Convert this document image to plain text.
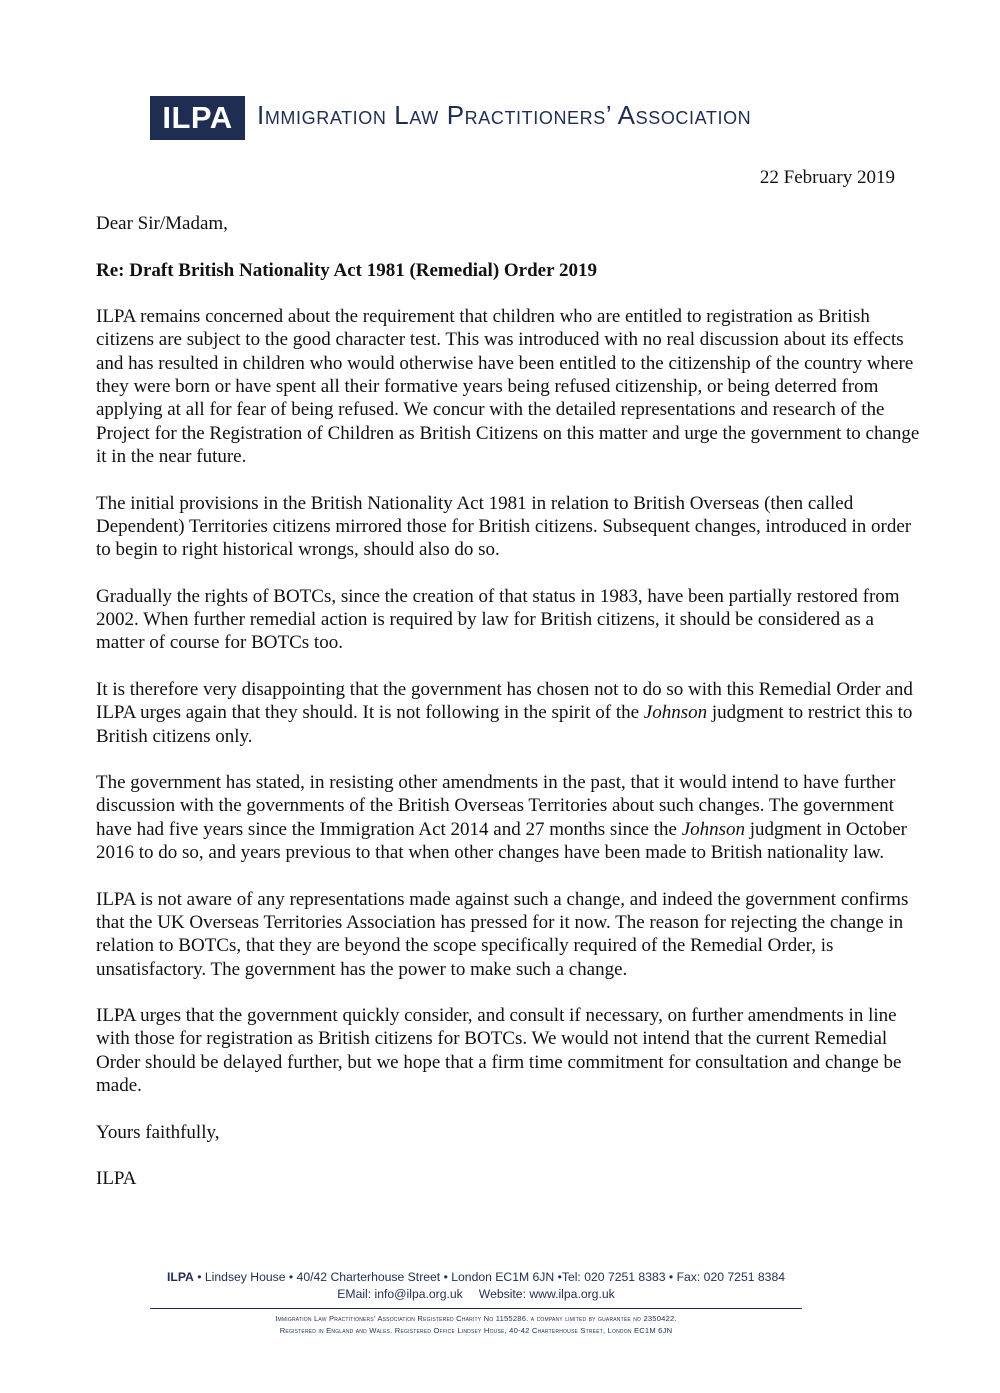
ILPA Immigration Law Practitioners’ Association
22 February 2019

Dear Sir/Madam,

Re: Draft British Nationality Act 1981 (Remedial) Order 2019

ILPA remains concerned about the requirement that children who are entitled to registration as British citizens are subject to the good character test. This was introduced with no real discussion about its effects and has resulted in children who would otherwise have been entitled to the citizenship of the country where they were born or have spent all their formative years being refused citizenship, or being deterred from applying at all for fear of being refused. We concur with the detailed representations and research of the Project for the Registration of Children as British Citizens on this matter and urge the government to change it in the near future.

The initial provisions in the British Nationality Act 1981 in relation to British Overseas (then called Dependent) Territories citizens mirrored those for British citizens. Subsequent changes, introduced in order to begin to right historical wrongs, should also do so.

Gradually the rights of BOTCs, since the creation of that status in 1983, have been partially restored from 2002. When further remedial action is required by law for British citizens, it should be considered as a matter of course for BOTCs too.

It is therefore very disappointing that the government has chosen not to do so with this Remedial Order and ILPA urges again that they should. It is not following in the spirit of the Johnson judgment to restrict this to British citizens only.

The government has stated, in resisting other amendments in the past, that it would intend to have further discussion with the governments of the British Overseas Territories about such changes. The government have had five years since the Immigration Act 2014 and 27 months since the Johnson judgment in October 2016 to do so, and years previous to that when other changes have been made to British nationality law.

ILPA is not aware of any representations made against such a change, and indeed the government confirms that the UK Overseas Territories Association has pressed for it now. The reason for rejecting the change in relation to BOTCs, that they are beyond the scope specifically required of the Remedial Order, is unsatisfactory. The government has the power to make such a change.

ILPA urges that the government quickly consider, and consult if necessary, on further amendments in line with those for registration as British citizens for BOTCs. We would not intend that the current Remedial Order should be delayed further, but we hope that a firm time commitment for consultation and change be made.

Yours faithfully,

ILPA

ILPA • Lindsey House • 40/42 Charterhouse Street • London EC1M 6JN •Tel: 020 7251 8383 • Fax: 020 7251 8384
EMail: info@ilpa.org.uk Website: www.ilpa.org.uk
Immigration Law Practitioners’ Association Registered Charity No 1155286. a company limited by guarantee no 2350422.
Registered in England and Wales. Registered Office Lindsey House, 40-42 Charterhouse Street, London EC1M 6JN
